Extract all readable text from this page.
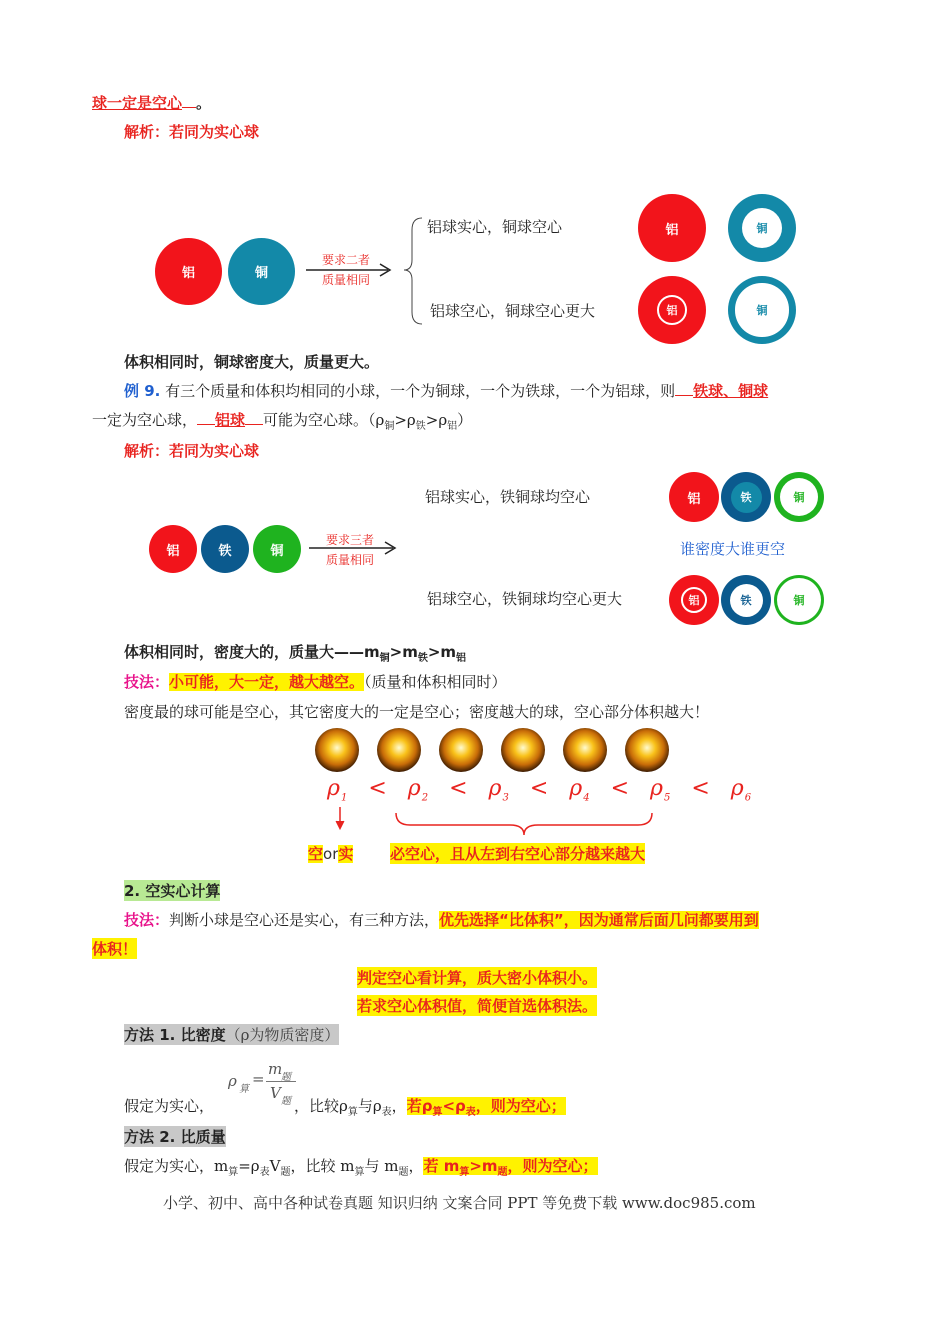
球一定是空心 。
解析：若同为实心球
铝	铜
要求二者
质量相同
铝球实心，铜球空心
铝球空心，铜球空心更大
铝	铜
铝	铜
体积相同时，铜球密度大，质量更大。
例 9. 有三个质量和体积均相同的小球，一个为铜球，一个为铁球，一个为铝球，则 铁球、铜球
一定为空心球， 铝球 可能为空心球。$(\rho_铜>\rho_铁>\rho_铝)$
解析：若同为实心球
铝	铁	铜
要求三者
质量相同
铝球实心，铁铜球均空心
铝球空心，铁铜球均空心更大
铝	铁	铜
谁密度大谁更空
铝	铁	铜
体积相同时，密度大的，质量大$——m_铜>m_铁>m_铝$
技法：小可能，大一定，越大越空。（质量和体积相同时）
密度最的球可能是空心，其它密度大的一定是空心；密度越大的球，空心部分体积越大！
$\rho_1 < \rho_2 < \rho_3 < \rho_4 < \rho_5 < \rho_6$
空or实 必空心，且从左到右空心部分越来越大
2. 空实心计算
技法：判断小球是空心还是实心，有三种方法，优先选择“比体积”，因为通常后面几问都要用到
体积！
判定空心看计算，质大密小体积小。
若求空心体积值，简便首选体积法。
方法 1. 比密度（ρ为物质密度）
ρ 算
=
m
题
V 题
假定为实心，	，比较$\rho_算$与$\rho_表$，若$\rho_算<\rho_表$，则为空心；
方法 2. 比质量
假定为实心，$m_算=\rho_表V_题$，比较 $m_算$与 $m_题$，若 $m_算>m_题$，则为空心；
小学、初中、高中各种试卷真题 知识归纳 文案合同 PPT 等免费下载 www.doc985.com
